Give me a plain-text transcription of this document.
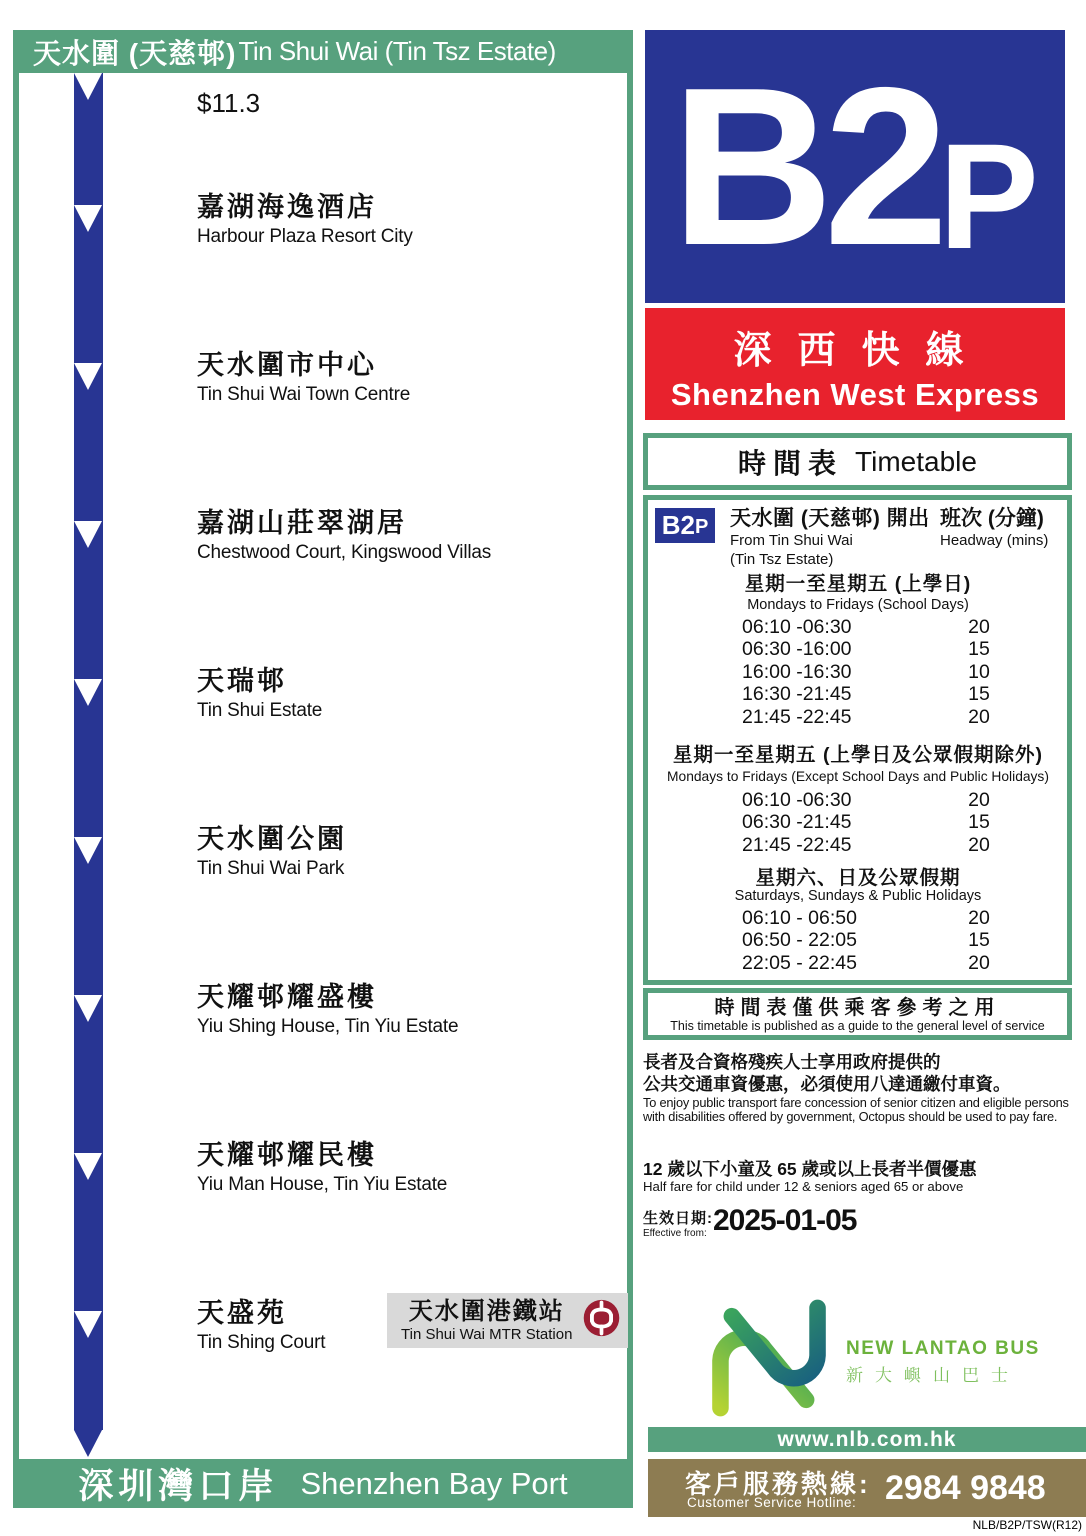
天水圍 (天慈邨) Tin Shui Wai (Tin Tsz Estate)
$11.3
嘉湖海逸酒店
Harbour Plaza Resort City
天水圍市中心
Tin Shui Wai Town Centre
嘉湖山莊翠湖居
Chestwood Court, Kingswood Villas
天瑞邨
Tin Shui Estate
天水圍公園
Tin Shui Wai Park
天耀邨耀盛樓
Yiu Shing House, Tin Yiu Estate
天耀邨耀民樓
Yiu Man House, Tin Yiu Estate
天盛苑
Tin Shing Court
天水圍港鐵站
Tin Shui Wai MTR Station
深圳灣口岸 Shenzhen Bay Port
B2 P
深西快線
Shenzhen West Express
時間表 Timetable
B2 P 天水圍 (天慈邨) 開出
From Tin Shui Wai
(Tin Tsz Estate)
班次 (分鐘)
Headway (mins)
星期一至星期五 (上學日)
Mondays to Fridays (School Days)
06:10 -06:30	20
06:30 -16:00	15
16:00 -16:30	10
16:30 -21:45	15
21:45 -22:45	20
星期一至星期五 (上學日及公眾假期除外)
Mondays to Fridays (Except School Days and Public Holidays)
06:10 -06:30	20
06:30 -21:45	15
21:45 -22:45	20
星期六、日及公眾假期
Saturdays, Sundays & Public Holidays
06:10 - 06:50	20
06:50 - 22:05	15
22:05 - 22:45	20
時間表僅供乘客參考之用
This timetable is published as a guide to the general level of service
長者及合資格殘疾人士享用政府提供的
公共交通車資優惠，必須使用八達通繳付車資。
To enjoy public transport fare concession of senior citizen and eligible persons with disabilities offered by government, Octopus should be used to pay fare.
12 歲以下小童及 65 歲或以上長者半價優惠
Half fare for child under 12 & seniors aged 65 or above
生效日期:
Effective from: 2025-01-05
NEW LANTAO BUS
新大嶼山巴士
www.nlb.com.hk
客戶服務熱線:
Customer Service Hotline: 2984 9848
NLB/B2P/TSW(R12)
